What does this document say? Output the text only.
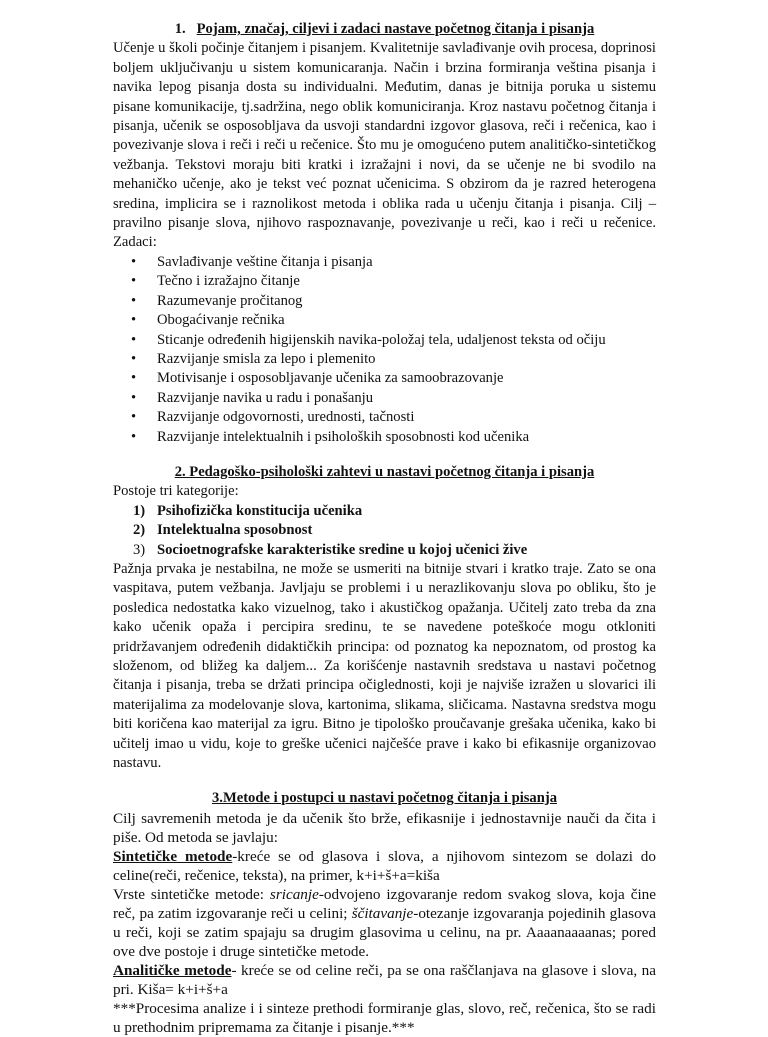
1. Pojam, značaj, ciljevi i zadaci nastave početnog čitanja i pisanja

Učenje u školi počinje čitanjem i pisanjem. Kvalitetnije savlađivanje ovih procesa, doprinosi boljem uključivanju u sistem komunicaranja. Način i brzina formiranja veština pisanja i navika lepog pisanja dosta su individualni. Međutim, danas je bitnija poruka u sistemu pisane komunikacije, tj.sadržina, nego oblik komuniciranja. Kroz nastavu početnog čitanja i pisanja, učenik se osposobljava da usvoji standardni izgovor glasova, reči i rečenica, kao i povezivanje slova i reči i reči u rečenice. Što mu je omogućeno putem analitičko-sintetičkog vežbanja. Tekstovi moraju biti kratki i izražajni i novi, da se učenje ne bi svodilo na mehaničko učenje, ako je tekst već poznat učenicima. S obzirom da je razred heterogena sredina, implicira se i raznolikost metoda i oblika rada u učenju čitanja i pisanja. Cilj – pravilno pisanje slova, njihovo raspoznavanje, povezivanje u reči, kao i reči u rečenice. Zadaci:

• Savlađivanje veštine čitanja i pisanja
• Tečno i izražajno čitanje
• Razumevanje pročitanog
• Obogaćivanje rečnika
• Sticanje određenih higijenskih navika-položaj tela, udaljenost teksta od očiju
• Razvijanje smisla za lepo i plemenito
• Motivisanje i osposobljavanje učenika za samoobrazovanje
• Razvijanje navika u radu i ponašanju
• Razvijanje odgovornosti, urednosti, tačnosti
• Razvijanje intelektualnih i psiholoških sposobnosti kod učenika
2. Pedagoško-psihološki zahtevi u nastavi početnog čitanja i pisanja

Postoje tri kategorije:

1) Psihofizička konstitucija učenika
2) Intelektualna sposobnost
3) Socioetnografske karakteristike sredine u kojoj učenici žive

Pažnja prvaka je nestabilna, ne može se usmeriti na bitnije stvari i kratko traje. Zato se ona vaspitava, putem vežbanja. Javljaju se problemi i u nerazlikovanju slova po obliku, što je posledica nedostatka kako vizuelnog, tako i akustičkog opažanja. Učitelj zato treba da zna kako učenik opaža i percipira sredinu, te se navedene poteškoće mogu otkloniti pridržavanjem određenih didaktičkih principa: od poznatog ka nepoznatom, od prostog ka složenom, od bližeg ka daljem... Za korišćenje nastavnih sredstava u nastavi početnog čitanja i pisanja, treba se držati principa očiglednosti, koji je najviše izražen u slovarici ili materijalima za modelovanje slova, kartonima, slikama, sličicama. Nastavna sredstva mogu biti koričena kao materijal za igru. Bitno je tipološko proučavanje grešaka učenika, kako bi učitelj imao u vidu, koje to greške učenici najčešće prave i kako bi efikasnije organizovao nastavu.

3.Metode i postupci u nastavi početnog čitanja i pisanja

Cilj savremenih metoda je da učenik što brže, efikasnije i jednostavnije nauči da čita i piše. Od metoda se javlaju:

Sintetičke metode-kreće se od glasova i slova, a njihovom sintezom se dolazi do celine(reči, rečenice, teksta), na primer, k+i+š+a=kiša

Vrste sintetičke metode: sricanje-odvojeno izgovaranje redom svakog slova, koja čine reč, pa zatim izgovaranje reči u celini; ščitavanje-otezanje izgovaranja pojedinih glasova u reči, koji se zatim spajaju sa drugim glasovima u celinu, na pr. Aaaanaaaanas; pored ove dve postoje i druge sintetičke metode.

Analitičke metode- kreće se od celine reči, pa se ona raščlanjava na glasove i slova, na pri. Kiša= k+i+š+a

***Procesima analize i i sinteze prethodi formiranje glas, slovo, reč, rečenica, što se radi u prethodnim pripremama za čitanje i pisanje.***
